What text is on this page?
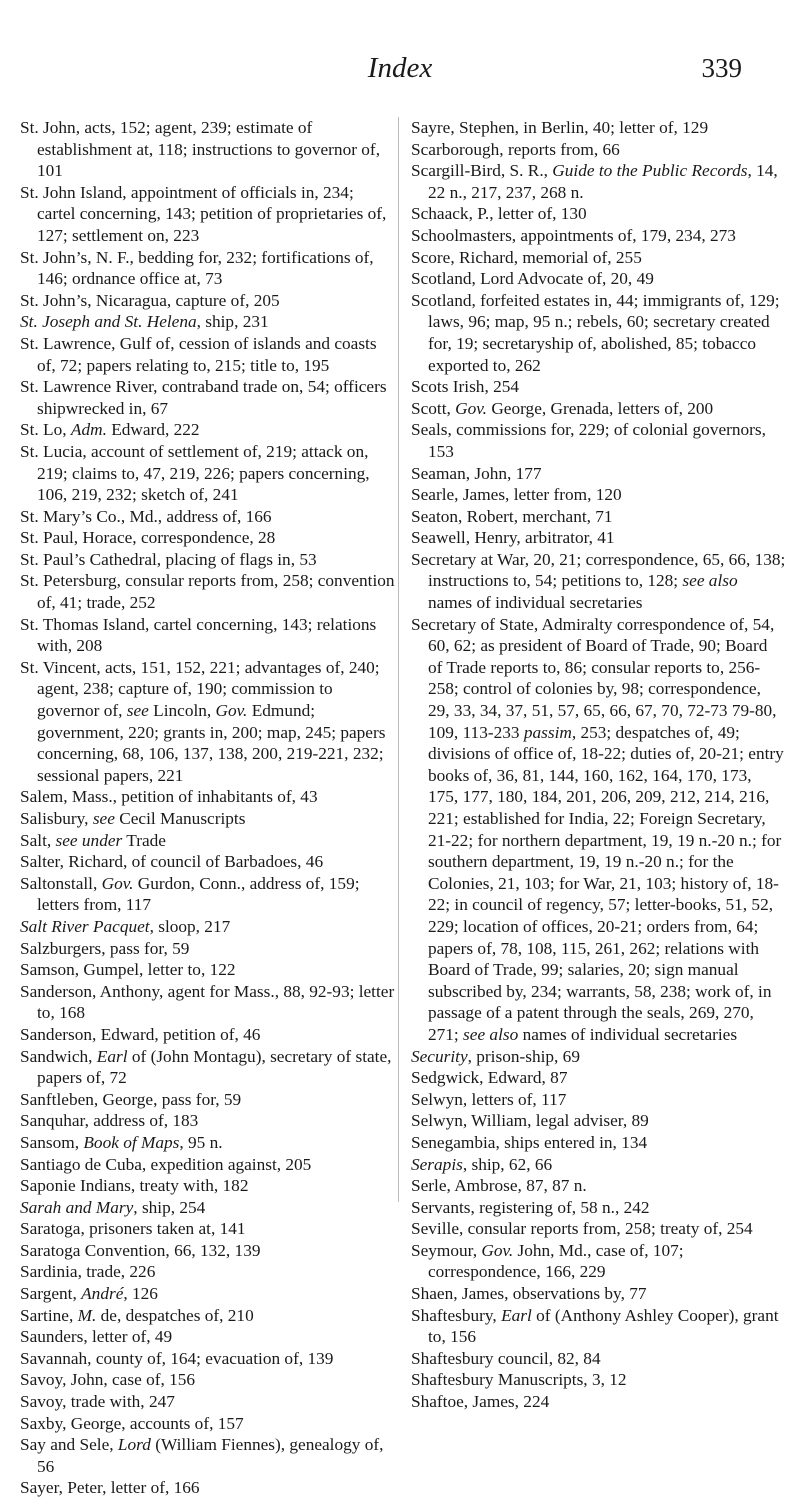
Index	339

St. John, acts, 152; agent, 239; estimate of establishment at, 118; instructions to governor of, 101

St. John Island, appointment of officials in, 234; cartel concerning, 143; petition of proprietaries of, 127; settlement on, 223

St. John’s, N. F., bedding for, 232; fortifications of, 146; ordnance office at, 73

St. John’s, Nicaragua, capture of, 205

St. Joseph and St. Helena, ship, 231

St. Lawrence, Gulf of, cession of islands and coasts of, 72; papers relating to, 215; title to, 195

St. Lawrence River, contraband trade on, 54; officers shipwrecked in, 67

St. Lo, Adm. Edward, 222

St. Lucia, account of settlement of, 219; attack on, 219; claims to, 47, 219, 226; papers concerning, 106, 219, 232; sketch of, 241

St. Mary’s Co., Md., address of, 166

St. Paul, Horace, correspondence, 28

St. Paul’s Cathedral, placing of flags in, 53

St. Petersburg, consular reports from, 258; convention of, 41; trade, 252

St. Thomas Island, cartel concerning, 143; relations with, 208

St. Vincent, acts, 151, 152, 221; advantages of, 240; agent, 238; capture of, 190; commission to governor of, see Lincoln, Gov. Edmund; government, 220; grants in, 200; map, 245; papers concerning, 68, 106, 137, 138, 200, 219-221, 232; sessional papers, 221

Salem, Mass., petition of inhabitants of, 43

Salisbury, see Cecil Manuscripts

Salt, see under Trade

Salter, Richard, of council of Barbadoes, 46

Saltonstall, Gov. Gurdon, Conn., address of, 159; letters from, 117

Salt River Pacquet, sloop, 217

Salzburgers, pass for, 59

Samson, Gumpel, letter to, 122

Sanderson, Anthony, agent for Mass., 88, 92-93; letter to, 168

Sanderson, Edward, petition of, 46

Sandwich, Earl of (John Montagu), secretary of state, papers of, 72

Sanftleben, George, pass for, 59

Sanquhar, address of, 183

Sansom, Book of Maps, 95 n.

Santiago de Cuba, expedition against, 205

Saponie Indians, treaty with, 182

Sarah and Mary, ship, 254

Saratoga, prisoners taken at, 141

Saratoga Convention, 66, 132, 139

Sardinia, trade, 226

Sargent, André, 126

Sartine, M. de, despatches of, 210

Saunders, letter of, 49

Savannah, county of, 164; evacuation of, 139

Savoy, John, case of, 156

Savoy, trade with, 247

Saxby, George, accounts of, 157

Say and Sele, Lord (William Fiennes), genealogy of, 56

Sayer, Peter, letter of, 166

Sayre, Stephen, in Berlin, 40; letter of, 129

Scarborough, reports from, 66

Scargill-Bird, S. R., Guide to the Public Records, 14, 22 n., 217, 237, 268 n.

Schaack, P., letter of, 130

Schoolmasters, appointments of, 179, 234, 273

Score, Richard, memorial of, 255

Scotland, Lord Advocate of, 20, 49

Scotland, forfeited estates in, 44; immigrants of, 129; laws, 96; map, 95 n.; rebels, 60; secretary created for, 19; secretaryship of, abolished, 85; tobacco exported to, 262

Scots Irish, 254

Scott, Gov. George, Grenada, letters of, 200

Seals, commissions for, 229; of colonial governors, 153

Seaman, John, 177

Searle, James, letter from, 120

Seaton, Robert, merchant, 71

Seawell, Henry, arbitrator, 41

Secretary at War, 20, 21; correspondence, 65, 66, 138; instructions to, 54; petitions to, 128; see also names of individual secretaries

Secretary of State, Admiralty correspondence of, 54, 60, 62; as president of Board of Trade, 90; Board of Trade reports to, 86; consular reports to, 256-258; control of colonies by, 98; correspondence, 29, 33, 34, 37, 51, 57, 65, 66, 67, 70, 72-73 79-80, 109, 113-233 passim, 253; despatches of, 49; divisions of office of, 18-22; duties of, 20-21; entry books of, 36, 81, 144, 160, 162, 164, 170, 173, 175, 177, 180, 184, 201, 206, 209, 212, 214, 216, 221; established for India, 22; Foreign Secretary, 21-22; for northern department, 19, 19 n.-20 n.; for southern department, 19, 19 n.-20 n.; for the Colonies, 21, 103; for War, 21, 103; history of, 18-22; in council of regency, 57; letter-books, 51, 52, 229; location of offices, 20-21; orders from, 64; papers of, 78, 108, 115, 261, 262; relations with Board of Trade, 99; salaries, 20; sign manual subscribed by, 234; warrants, 58, 238; work of, in passage of a patent through the seals, 269, 270, 271; see also names of individual secretaries

Security, prison-ship, 69

Sedgwick, Edward, 87

Selwyn, letters of, 117

Selwyn, William, legal adviser, 89

Senegambia, ships entered in, 134

Serapis, ship, 62, 66

Serle, Ambrose, 87, 87 n.

Servants, registering of, 58 n., 242

Seville, consular reports from, 258; treaty of, 254

Seymour, Gov. John, Md., case of, 107; correspondence, 166, 229

Shaen, James, observations by, 77

Shaftesbury, Earl of (Anthony Ashley Cooper), grant to, 156

Shaftesbury council, 82, 84

Shaftesbury Manuscripts, 3, 12

Shaftoe, James, 224
